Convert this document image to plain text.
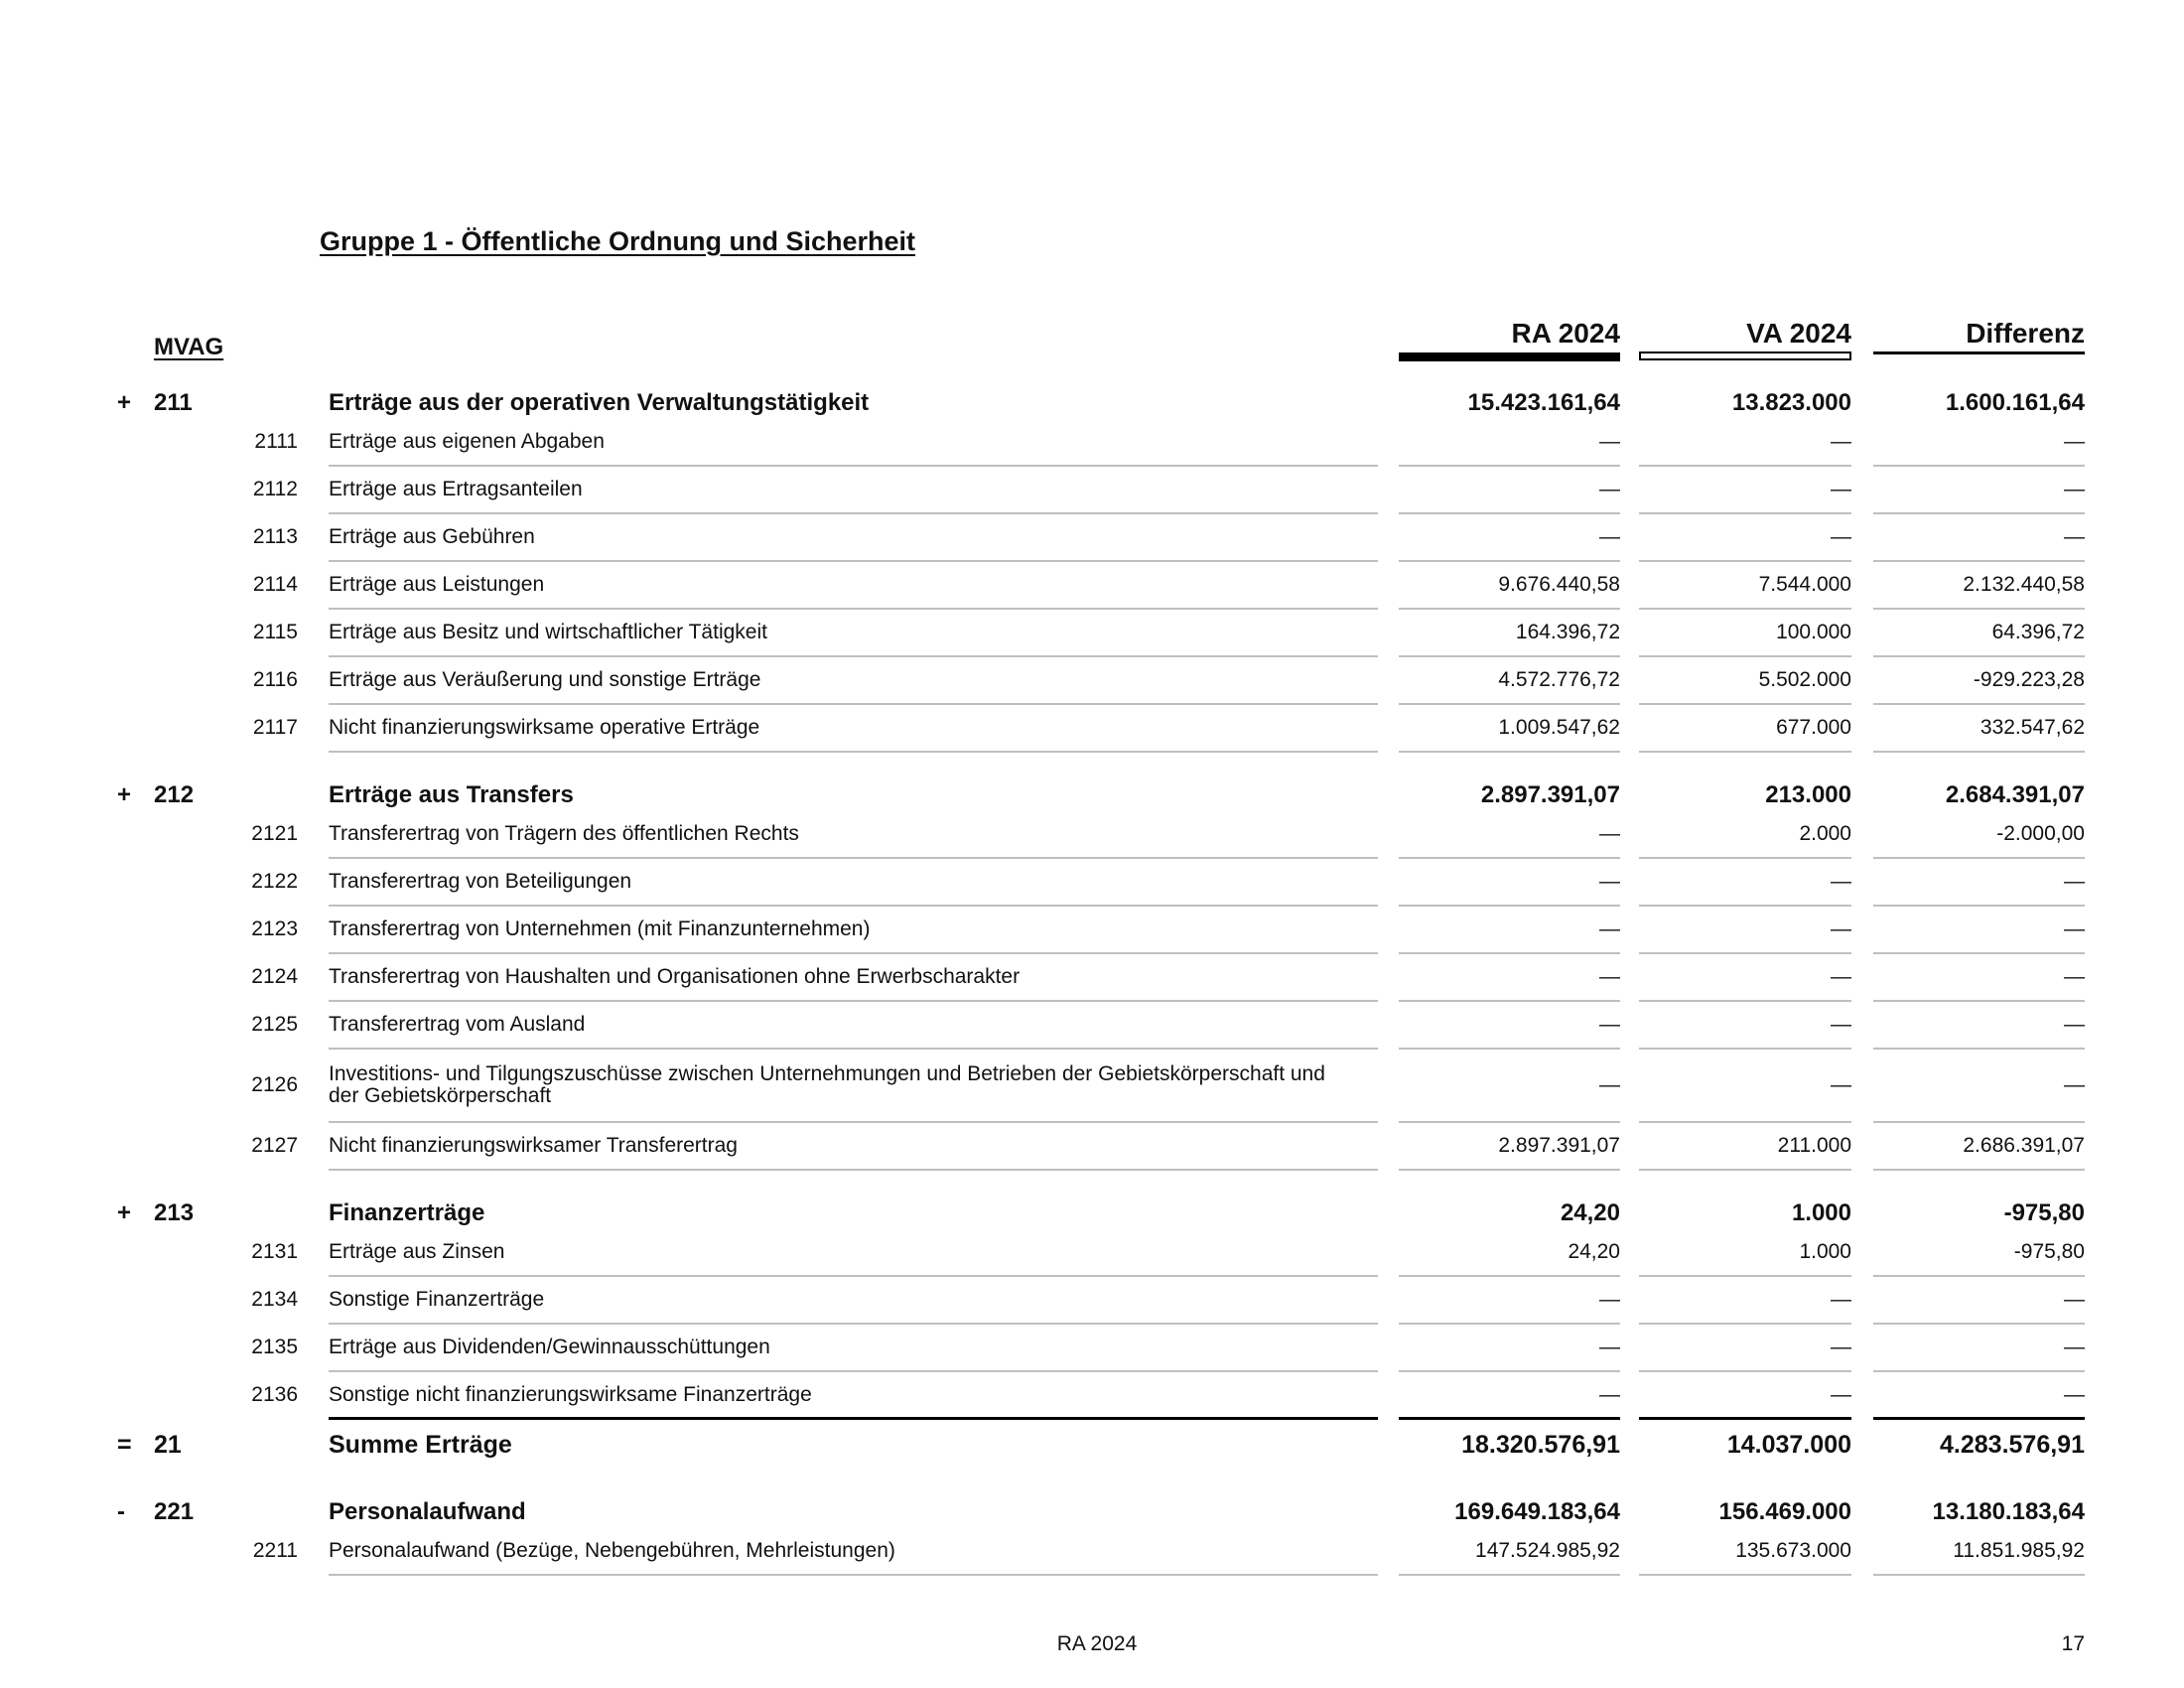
Gruppe 1 - Öffentliche Ordnung und Sicherheit
MVAG	RA 2024	VA 2024	Differenz
+ 211	Erträge aus der operativen Verwaltungstätigkeit	15.423.161,64	13.823.000	1.600.161,64
2111 Erträge aus eigenen Abgaben	—	—	—
2112 Erträge aus Ertragsanteilen	—	—	—
2113 Erträge aus Gebühren	—	—	—
2114 Erträge aus Leistungen	9.676.440,58	7.544.000	2.132.440,58
2115 Erträge aus Besitz und wirtschaftlicher Tätigkeit	164.396,72	100.000	64.396,72
2116 Erträge aus Veräußerung und sonstige Erträge	4.572.776,72	5.502.000	-929.223,28
2117 Nicht finanzierungswirksame operative Erträge	1.009.547,62	677.000	332.547,62
+ 212	Erträge aus Transfers	2.897.391,07	213.000	2.684.391,07
2121 Transferertrag von Trägern des öffentlichen Rechts	—	2.000	-2.000,00
2122 Transferertrag von Beteiligungen	—	—	—
2123 Transferertrag von Unternehmen (mit Finanzunternehmen)	—	—	—
2124 Transferertrag von Haushalten und Organisationen ohne Erwerbscharakter	—	—	—
2125 Transferertrag vom Ausland	—	—	—
2126 Investitions- und Tilgungszuschüsse zwischen Unternehmungen und Betrieben der Gebietskörperschaft und der Gebietskörperschaft	—	—	—
2127 Nicht finanzierungswirksamer Transferertrag	2.897.391,07	211.000	2.686.391,07
+ 213	Finanzerträge	24,20	1.000	-975,80
2131 Erträge aus Zinsen	24,20	1.000	-975,80
2134 Sonstige Finanzerträge	—	—	—
2135 Erträge aus Dividenden/Gewinnausschüttungen	—	—	—
2136 Sonstige nicht finanzierungswirksame Finanzerträge	—	—	—
= 21	Summe Erträge	18.320.576,91	14.037.000	4.283.576,91
- 221	Personalaufwand	169.649.183,64	156.469.000	13.180.183,64
2211 Personalaufwand (Bezüge, Nebengebühren, Mehrleistungen)	147.524.985,92	135.673.000	11.851.985,92
RA 2024	17
